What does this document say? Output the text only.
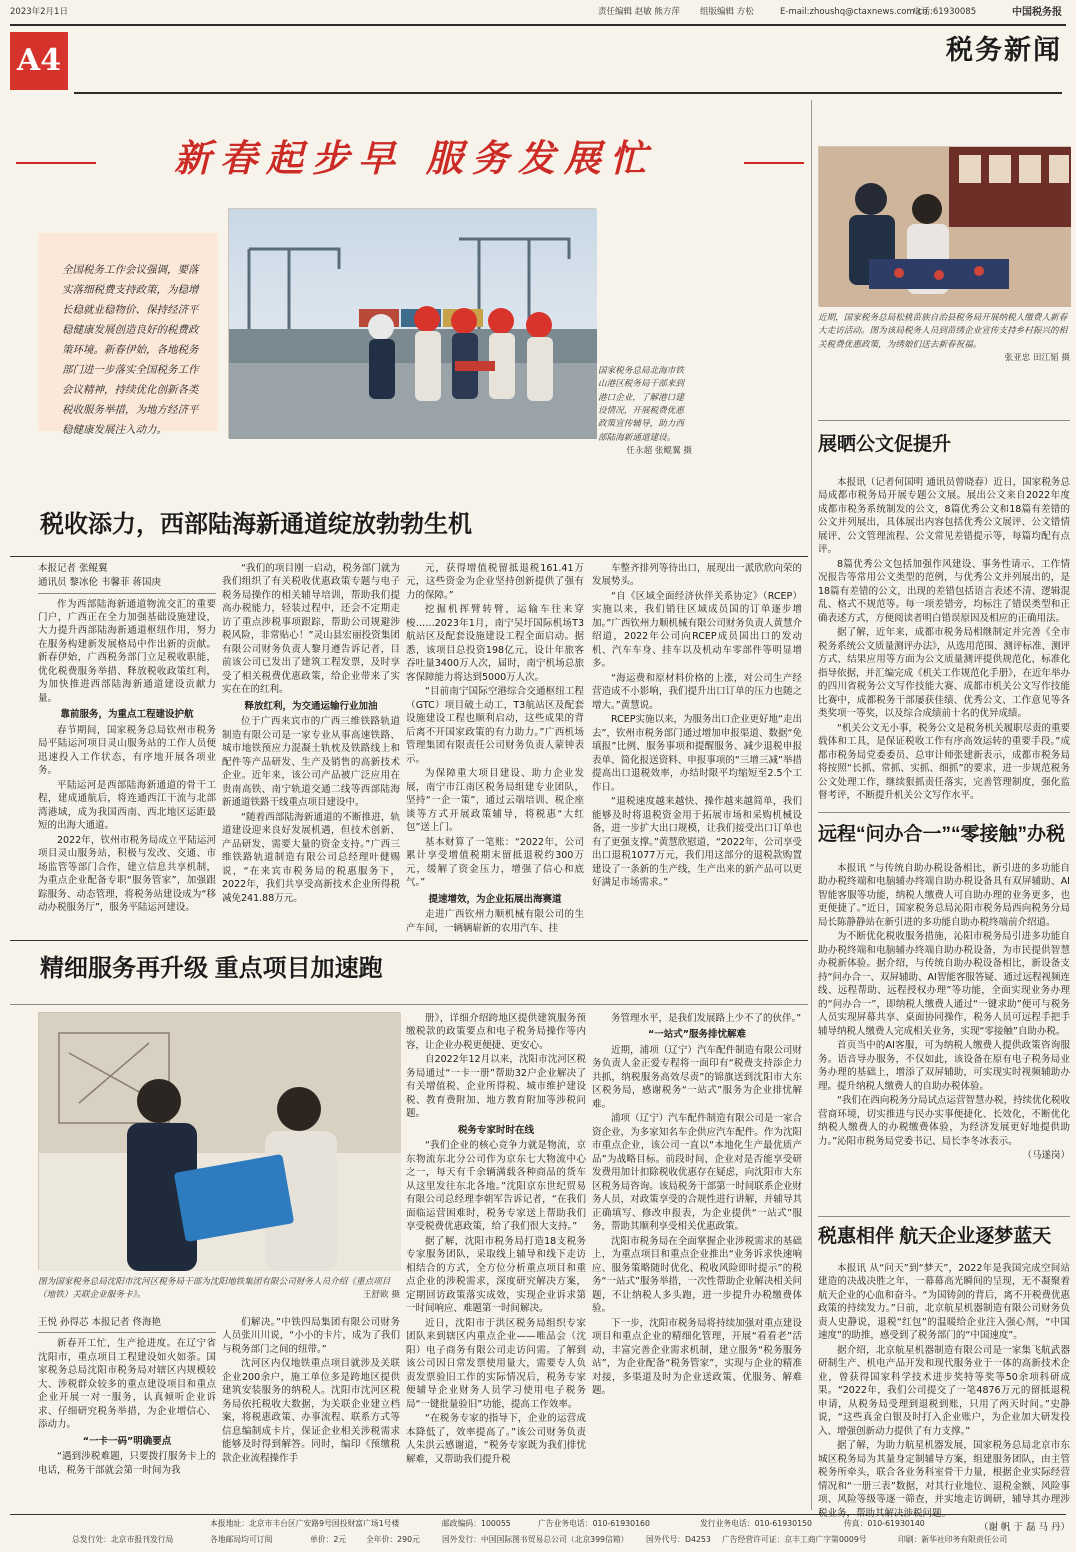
2023年2月1日	责任编辑 赵敏 熊方萍 组版编辑 方松	E-mail:zhoushq@ctaxnews.com.cn
电话:61930085	中国税务报
A4	税务新闻
新春起步早 服务发展忙
全国税务工作会议强调，要落实落细税费支持政策，为稳增长稳就业稳物价、保持经济平稳健康发展创造良好的税费政策环境。新春伊始，各地税务部门进一步落实全国税务工作会议精神，持续优化创新各类税收服务举措，为地方经济平稳健康发展注入动力。
国家税务总局北海市铁山港区税务局干部来到港口企业，了解港口建设情况，开展税费优惠政策宣传辅导，助力西部陆海新通道建设。
任永超 张鲲翼 摄
近期，国家税务总局松桃苗族自治县税务局开展纳税人缴费人新春大走访活动。图为该局税务人员到苗绣企业宣传支持乡村振兴的相关税费优惠政策，为绣娘们送去新春祝福。
张亚忠 田江韬 摄
税收添力，西部陆海新通道绽放勃勃生机
本报记者 张鲲翼
通讯员 黎冰伦 韦馨菲 蒋国庚

作为西部陆海新通道物流交汇的重要门户，广西正在全力加强基础设施建设，大力提升西部陆海新通道枢纽作用，努力在服务构建新发展格局中作出新的贡献。新春伊始，广西税务部门立足税收职能，优化税费服务举措、释放税收政策红利，为加快推进西部陆海新通道建设贡献力量。

靠前服务，为重点工程建设护航

春节期间，国家税务总局钦州市税务局平陆运河项目灵山服务站的工作人员便迅速投入工作状态，有序地开展各项业务。

平陆运河是西部陆海新通道的骨干工程，建成通航后，将连通西江干流与北部湾港域，成为我国西南、西北地区运距最短的出海大通道。

2022年，钦州市税务局成立平陆运河项目灵山服务站，积极与发改、交通、市场监管等部门合作，建立信息共享机制，为重点企业配备专职“服务管家”，加强跟踪服务、动态管理，将税务站建设成为“移动办税服务厅”，服务平陆运河建设。

“我们的项目刚一启动，税务部门就为我们组织了有关税收优惠政策专题与电子税务局操作的相关辅导培训，帮助我们提高办税能力，轻装过程中，还会不定期走访了重点涉税事项跟踪，帮助公司规避涉税风险，非常贴心！”灵山县宏丽投资集团有限公司财务负责人黎月遵告诉记者，目前该公司已发出了建筑工程发票，及时享受了相关税费优惠政策，给企业带来了实实在在的红利。

释放红利，为交通运输行业加油

位于广西来宾市的广西三维铁路轨道制造有限公司是一家专业从事高速铁路、城市地铁预应力混凝土轨枕及铁路线上和配件等产品研发、生产及销售的高新技术企业。近年来，该公司产品被广泛应用在贵南高铁、南宁轨道交通二线等西部陆海新通道铁路干线重点项目建设中。

“随着西部陆海新通道的不断推进，轨道建设迎来良好发展机遇，但技术创新、产品研发，需要大量的资金支持。”广西三维铁路轨道制造有限公司总经理叶健赐说，“在来宾市税务局的税惠服务下，2022年，我们共享受高新技术企业所得税减免241.88万元。

元，获得增值税留抵退税161.41万元，这些资金为企业坚持创新提供了强有力的保障。”

挖掘机挥臂转臂，运输车往来穿梭……2023年1月，南宁吴圩国际机场T3航站区及配套设施建设工程全面启动。据悉，该项目总投资198亿元，设计年旅客吞吐量3400万人次，届时，南宁机场总旅客保障能力将达到5000万人次。

“目前南宁国际空港综合交通枢纽工程（GTC）项目破土动工，T3航站区及配套设施建设工程也顺利启动，这些成果的背后离不开国家政策的有力助力。”广西机场管理集团有限责任公司财务负责人蒙钟表示。

为保障重大项目建设、助力企业发展，南宁市江南区税务局组建专业团队，坚持“一企一策”，通过云端培训、税企座谈等方式开展政策辅导，将税惠“大红包”送上门。

基本财算了一笔账：“2022年，公司累计享受增值税期末留抵退税约300万元，缓解了资金压力，增强了信心和底气。”

提速增效，为企业拓展出海赛道

走进广西钦州力顺机械有限公司的生产车间，一辆辆崭新的农用汽车、挂

车整齐排列等待出口，展现出一派欣欣向荣的发展势头。

“自《区域全面经济伙伴关系协定》（RCEP）实施以来，我们销往区域成员国的订单逐步增加。”广西钦州力顺机械有限公司财务负责人黄慧介绍道，2022年公司向RCEP成员国出口的发动机、汽车车身、挂车以及机动车零部件等明显增多。

“海运费和原材料价格的上涨，对公司生产经营造成不小影响，我们提升出口订单的压力也随之增大。”黄慧说。

RCEP实施以来，为服务出口企业更好地“走出去”，钦州市税务部门通过增加申报渠道、数据“免填报”比例、服务事项和提醒服务、减少退税申报表单、简化报送资料、申报事项的“三增三减”举措提高出口退税效率，办结时限平均缩短至2.5个工作日。

“退税速度越来越快、操作越来越简单，我们能够及时将退税资金用于拓展市场和采购机械设备，进一步扩大出口规模，让我们接受出口订单也有了更强支撑。”黄慧欣慰道，“2022年，公司享受出口退税1077万元，我们用这部分的退税款购置建设了一条新的生产线，生产出来的新产品可以更好满足市场需求。”

精细服务再升级 重点项目加速跑
图为国家税务总局沈阳市沈河区税务局干部为沈阳地铁集团有限公司财务人员介绍《重点项目（地铁）关联企业服务卡》。	王舒欧 摄
王悦 孙得芯 本报记者 佟海艳

新春开工忙，生产抢进度。在辽宁省沈阳市，重点项目工程建设如火如荼。国家税务总局沈阳市税务局对辖区内规模较大、涉税群众较多的重点建设项目和重点企业开展一对一服务，认真倾听企业诉求、仔细研究税务举措，为企业增信心、添动力。

“一卡一码”明确要点

“遇到涉税难题，只要拨打服务卡上的电话，税务干部就会第一时间为我

们解决。”中铁四局集团有限公司财务人员张川川说，“小小的卡片，成为了我们与税务部门之间的纽带。”

沈河区内仅地铁重点项目就涉及关联企业200余户，施工单位多是跨地区提供建筑安装服务的纳税人。沈阳市沈河区税务局依托税收大数据，为关联企业建立档案，将税惠政策、办事流程、联系方式等信息编制成卡片，保证企业相关涉税需求能够及时得到解答。同时，编印《预缴税款企业流程操作手

册》，详细介绍跨地区提供建筑服务预缴税款的政策要点和电子税务局操作等内容，让企业办税更便捷、更安心。

自2022年12月以来，沈阳市沈河区税务局通过“一卡一册”帮助32户企业解决了有关增值税、企业所得税、城市维护建设税、教育费附加、地方教育附加等涉税问题。

税务专家时时在线

“我们企业的核心竞争力就是物流，京东物流东北分公司作为京东七大物流中心之一，每天有千余辆满载各种商品的货车从这里发往东北各地。”沈阳京东世纪贸易有限公司总经理李朝军告诉记者，“在我们面临运营困难时，税务专家送上帮助我们享受税费优惠政策，给了我们很大支持。”

据了解，沈阳市税务局打造18支税务专家服务团队，采取线上辅导和线下走访相结合的方式，全方位分析重点项目和重点企业的涉税需求，深度研究解决方案，定期回访政策落实成效，实现企业诉求第一时间响应、难题第一时间解决。

近日，沈阳市于洪区税务局组织专家团队来到辖区内重点企业——唯品会（沈阳）电子商务有限公司走访问需。了解到该公司因日常发票使用量大，需要专人负责发票验旧工作的实际情况后，税务专家便辅导企业财务人员学习使用电子税务局“一键批量验旧”功能，提高工作效率。

“在税务专家的指导下，企业的运营成本降低了，效率提高了。”该公司财务负责人朱洪云感谢道，“税务专家既为我们排忧解难，又帮助我们提升税

务管理水平，是我们发展路上少不了的伙伴。”

“一站式”服务排忧解难

近期，浦项（辽宁）汽车配件制造有限公司财务负责人金正爱专程将一面印有“税费支持添企力共抓，纳税服务高效尽责”的锦旗送到沈阳市大东区税务局，感谢税务“一站式”服务为企业排忧解难。

浦项（辽宁）汽车配件制造有限公司是一家合资企业，为多家知名车企供应汽车配件。作为沈阳市重点企业，该公司一直以“本地化生产最优质产品”为战略目标。前段时间，企业对是否能享受研发费用加计扣除税收优惠存在疑虑，向沈阳市大东区税务局咨询。该局税务干部第一时间联系企业财务人员，对政策享受的合规性进行讲解，并辅导其正确填写、修改申报表，为企业提供“一站式”服务，帮助其顺利享受相关优惠政策。

沈阳市税务局在全面掌握企业涉税需求的基础上，为重点项目和重点企业推出“业务诉求快速响应、服务策略随时优化、税收风险即时提示”的税务“一站式”服务举措，一次性帮助企业解决相关问题，不让纳税人多头跑，进一步提升办税缴费体验。

下一步，沈阳市税务局将持续加强对重点建设项目和重点企业的精细化管理，开展“看看老”活动，丰富完善企业需求机制，建立服务“税务服务站”，为企业配备“税务管家”，实现与企业的精准对接，多渠道及时为企业送政策、优服务、解难题。

展晒公文促提升

本报讯（记者何国明 通讯员曾晓春）近日，国家税务总局成都市税务局开展专题公文展。展出公文来自2022年度成都市税务系统制发的公文，8篇优秀公文和18篇有差错的公文并列展出，具体展出内容包括优秀公文展评、公文错情展评、公文管理流程、公文常见差错提示等，每篇均配有点评。

8篇优秀公文包括加强作风建设、事务性请示、工作情况报告等常用公文类型的范例，与优秀公文并列展出的，是18篇有差错的公文，出现的差错包括语言表述不清、逻辑混乱、格式不规范等。每一项差错旁，均标注了错误类型和正确表述方式，方便阅读者明白错误原因及相应的正确用法。

据了解，近年来，成都市税务局相继制定并完善《全市税务系统公文质量测评办法》，从选用范围、测评标准、测评方式、结果应用等方面为公文质量测评提供规范化、标准化指导依据，并汇编完成《机关工作规范化手册》，在近年举办的四川省税务公文写作技能大赛、成都市机关公文写作技能比赛中，成都税务干部屡获佳绩、优秀公文、工作意见等各类奖项一等奖，以及综合成绩前十名的优异成绩。

“机关公文无小事，税务公文是税务机关履职尽责的重要载体和工具，是保证税收工作有序高效运转的重要手段。”成都市税务局党委委员、总审计师张建新表示，成都市税务局将按照“长抓、常抓、实抓、细抓”的要求，进一步规范税务公文处理工作，继续狠抓责任落实，完善管理制度，强化监督考评，不断提升机关公文写作水平。

远程“问办合一”“零接触”办税

本报讯 “与传统自助办税设备相比，新引进的多功能自助办税终端和电脑辅办终端自助办税设备具有双屏辅助、AI智能客服等功能，纳税人缴费人可自助办理的业务更多，也更便捷了。”近日，国家税务总局沁阳市税务局西向税务分局局长陈静静站在新引进的多功能自助办税终端前介绍道。

为不断优化税收服务措施，沁阳市税务局引进多功能自助办税终端和电脑辅办终端自助办税设备，为市民提供智慧办税新体验。据介绍，与传统自助办税设备相比，新设备支持“问办合一、双屏辅助、AI智能客服答疑、通过远程视频连线、远程帮助、远程授权办理”等功能，全面实现业务办理的“问办合一”，即纳税人缴费人通过“一键求助”便可与税务人员实现屏幕共享、桌面协同操作，税务人员可远程手把手辅导纳税人缴费人完成相关业务，实现“零接触”自助办税。

首页当中的AI客服，可为纳税人缴费人提供政策咨询服务。语音导办服务，不仅如此，该设备在原有电子税务局业务办理的基础上，增添了双屏辅助，可实现实时视频辅助办理。提升纳税人缴费人的自助办税体验。

“我们在西向税务分局试点运营智慧办税，持续优化税收营商环境，切实推进与民办实事便捷化、长效化，不断优化纳税人缴费人的办税缴费体验，为经济发展更好地提供助力。”沁阳市税务局党委书记、局长李冬冰表示。

（马遂岗）
税惠相伴 航天企业逐梦蓝天

本报讯 从“问天”到“梦天”，2022年是我国完成空间站建造的决战决胜之年，一幕幕高光瞬间的呈现，无不凝聚着航天企业的心血和奋斗。“为国铸剑的背后，离不开税费优惠政策的持续发力。”日前，北京航星机器制造有限公司财务负责人史静说，退税“红包”的温暖给企业注入强心剂，“中国速度”的助推，感受到了税务部门的“中国速度”。

据介绍，北京航星机器制造有限公司是一家集飞航武器研制生产、机电产品开发和现代服务业于一体的高新技术企业，曾获得国家科学技术进步奖特等奖等50余项科研成果。“2022年，我们公司提交了一笔4876万元的留抵退税申请，从税务局受理到退税到账，只用了两天时间。”史静说，“这些真金白银及时打入企业账户，为企业加大研发投入、增强创新动力提供了有力支撑。”

据了解，为助力航星机器发展，国家税务总局北京市东城区税务局为其量身定制辅导方案，组建服务团队，由主管税务所牵头，联合各业务科室骨干力量，根据企业实际经营情况和“一册三表”数据，对其行业地位、退税金额、风险事项、风险等级等逐一筛查，并实地走访调研，辅导其办理涉

（谢 帆 于 磊 马 丹）
本报地址：北京市丰台区广安路9号国投财富广场1号楼	邮政编码：100055	广告业务电话：010-61930160	发行业务电话：010-61930150	传真：010-61930140
总发行处：北京市报刊发行局	各地邮局均可订阅	单价：2元	全年价：290元	国外发行：中国国际图书贸易总公司（北京399信箱） 国外代号：D4253 广告经营许可证：京丰工商广字第0009号	印刷：新华社印务有限责任公司
